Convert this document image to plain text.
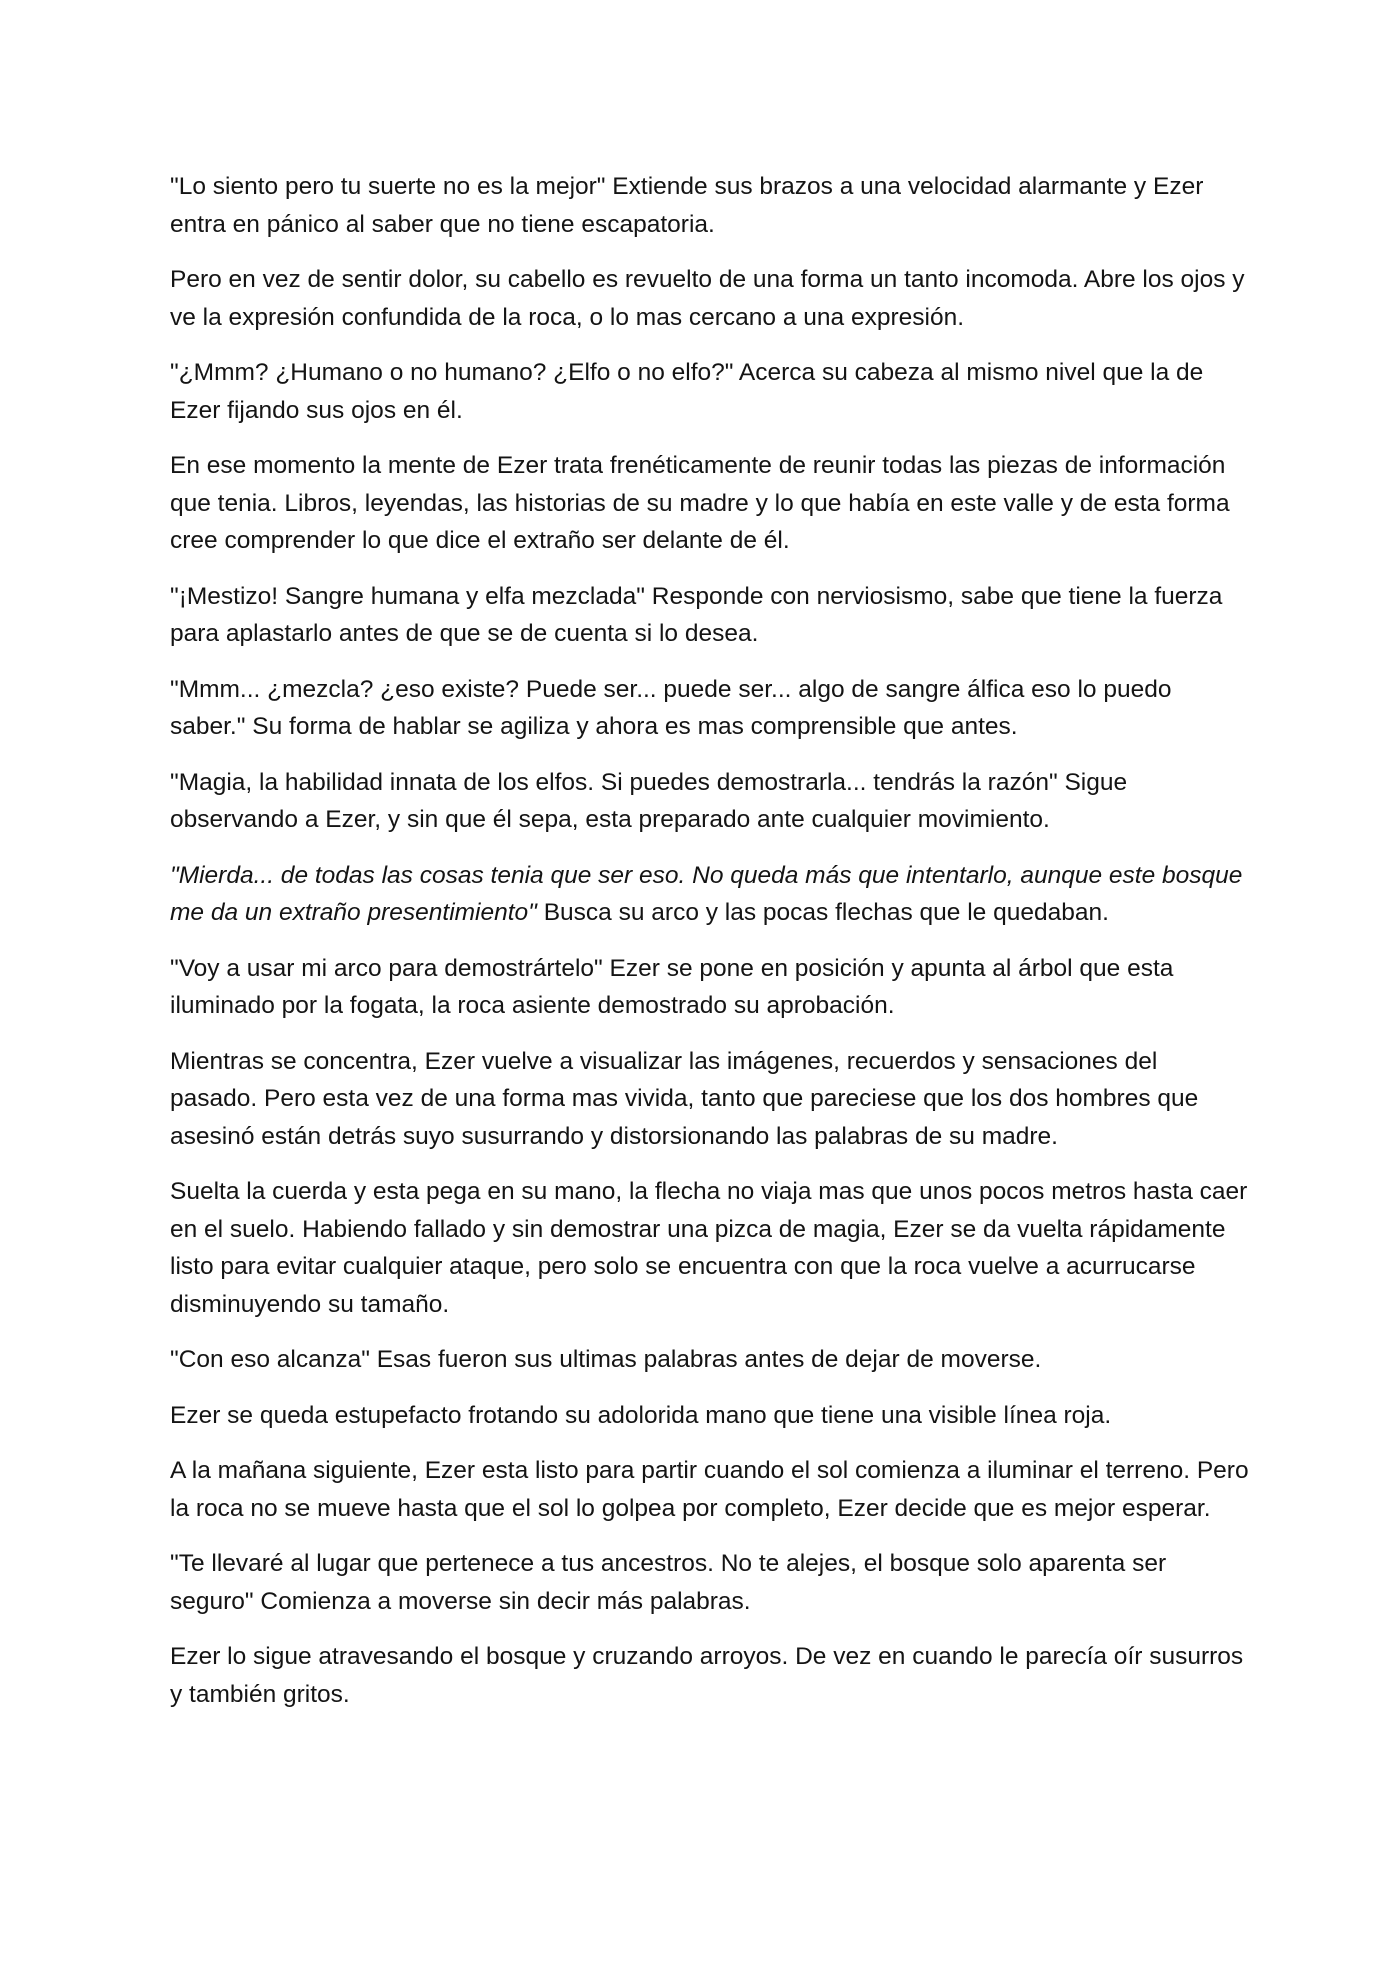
"Lo siento pero tu suerte no es la mejor" Extiende sus brazos a una velocidad alarmante y Ezer entra en pánico al saber que no tiene escapatoria.

Pero en vez de sentir dolor, su cabello es revuelto de una forma un tanto incomoda. Abre los ojos y ve la expresión confundida de la roca, o lo mas cercano a una expresión.

"¿Mmm? ¿Humano o no humano? ¿Elfo o no elfo?" Acerca su cabeza al mismo nivel que la de Ezer fijando sus ojos en él.

En ese momento la mente de Ezer trata frenéticamente de reunir todas las piezas de información que tenia. Libros, leyendas, las historias de su madre y lo que había en este valle y de esta forma cree comprender lo que dice el extraño ser delante de él.

"¡Mestizo! Sangre humana y elfa mezclada" Responde con nerviosismo, sabe que tiene la fuerza para aplastarlo antes de que se de cuenta si lo desea.

"Mmm... ¿mezcla? ¿eso existe? Puede ser... puede ser... algo de sangre álfica eso lo puedo saber." Su forma de hablar se agiliza y ahora es mas comprensible que antes.

"Magia, la habilidad innata de los elfos. Si puedes demostrarla... tendrás la razón" Sigue observando a Ezer, y sin que él sepa, esta preparado ante cualquier movimiento.

"Mierda... de todas las cosas tenia que ser eso. No queda más que intentarlo, aunque este bosque me da un extraño presentimiento" Busca su arco y las pocas flechas que le quedaban.

"Voy a usar mi arco para demostrártelo" Ezer se pone en posición y apunta al árbol que esta iluminado por la fogata, la roca asiente demostrado su aprobación.

Mientras se concentra, Ezer vuelve a visualizar las imágenes, recuerdos y sensaciones del pasado. Pero esta vez de una forma mas vivida, tanto que pareciese que los dos hombres que asesinó están detrás suyo susurrando y distorsionando las palabras de su madre.

Suelta la cuerda y esta pega en su mano, la flecha no viaja mas que unos pocos metros hasta caer en el suelo. Habiendo fallado y sin demostrar una pizca de magia, Ezer se da vuelta rápidamente listo para evitar cualquier ataque, pero solo se encuentra con que la roca vuelve a acurrucarse disminuyendo su tamaño.

"Con eso alcanza" Esas fueron sus ultimas palabras antes de dejar de moverse.

Ezer se queda estupefacto frotando su adolorida mano que tiene una visible línea roja.

A la mañana siguiente, Ezer esta listo para partir cuando el sol comienza a iluminar el terreno. Pero la roca no se mueve hasta que el sol lo golpea por completo, Ezer decide que es mejor esperar.

"Te llevaré al lugar que pertenece a tus ancestros. No te alejes, el bosque solo aparenta ser seguro" Comienza a moverse sin decir más palabras.

Ezer lo sigue atravesando el bosque y cruzando arroyos. De vez en cuando le parecía oír susurros y también gritos.
